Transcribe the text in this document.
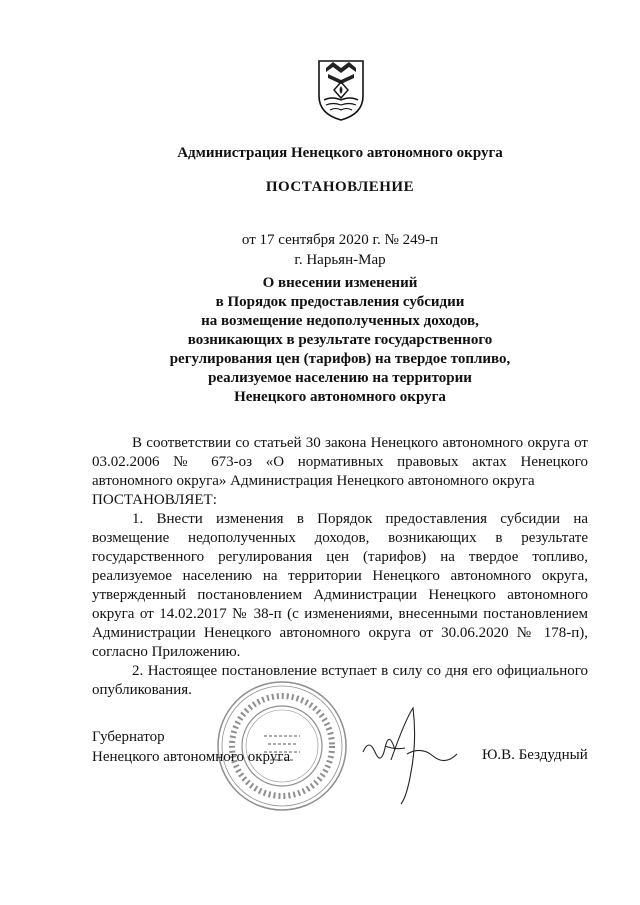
Администрация Ненецкого автономного округа
ПОСТАНОВЛЕНИЕ
от 17 сентября 2020 г. № 249-п
г. Нарьян-Мар
О внесении изменений
в Порядок предоставления субсидии
на возмещение недополученных доходов,
возникающих в результате государственного
регулирования цен (тарифов) на твердое топливо,
реализуемое населению на территории
Ненецкого автономного округа

В соответствии со статьей 30 закона Ненецкого автономного округа от 03.02.2006 № 673-оз «О нормативных правовых актах Ненецкого автономного округа» Администрация Ненецкого автономного округа

ПОСТАНОВЛЯЕТ:

1. Внести изменения в Порядок предоставления субсидии на возмещение недополученных доходов, возникающих в результате государственного регулирования цен (тарифов) на твердое топливо, реализуемое населению на территории Ненецкого автономного округа, утвержденный постановлением Администрации Ненецкого автономного округа от 14.02.2017 № 38-п (с изменениями, внесенными постановлением Администрации Ненецкого автономного округа от 30.06.2020 № 178-п), согласно Приложению.

2. Настоящее постановление вступает в силу со дня его официального опубликования.

Губернатор
Ненецкого автономного округа	Ю.В. Бездудный
